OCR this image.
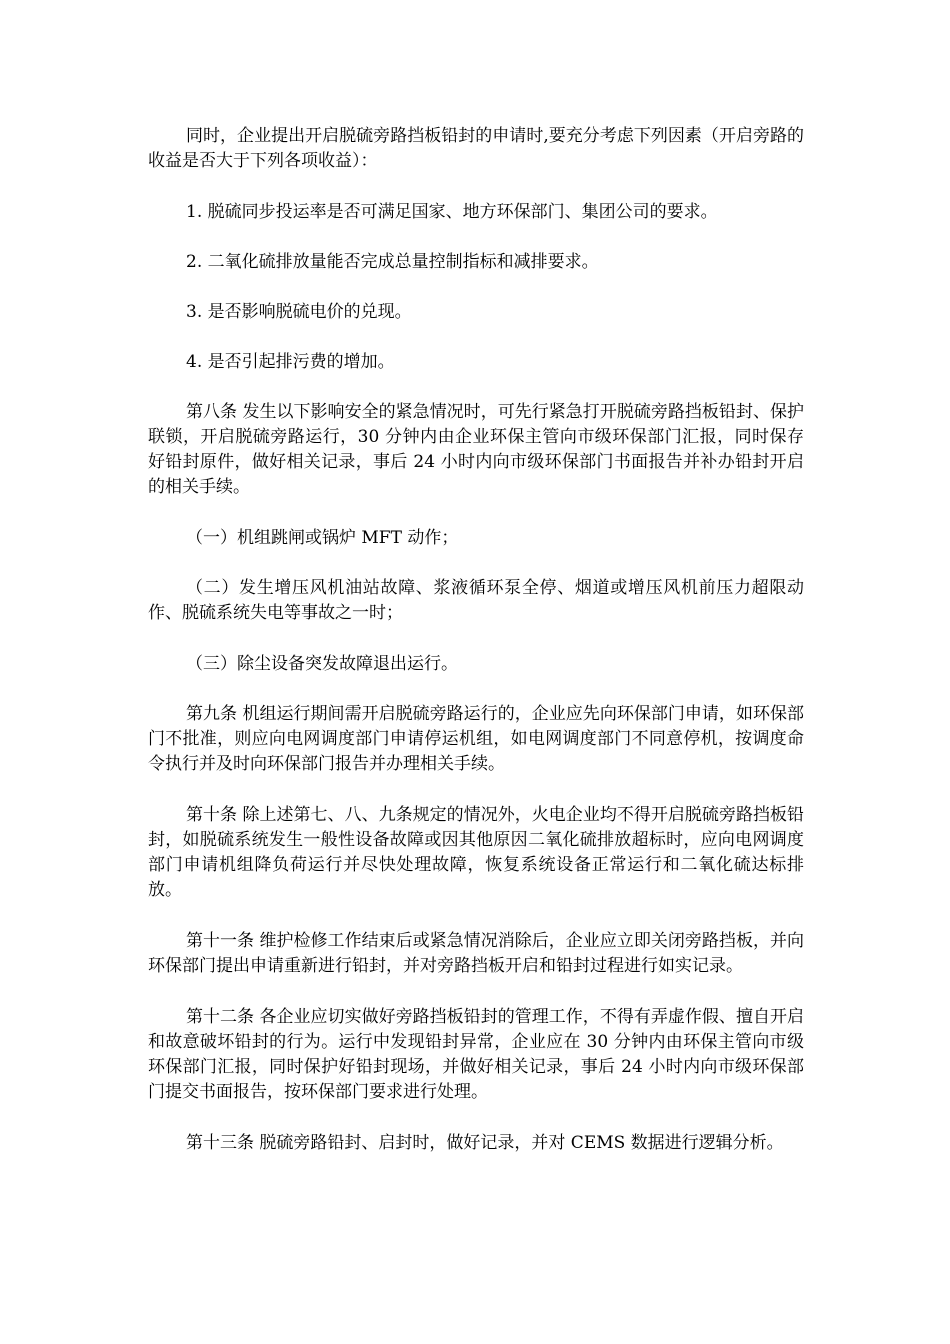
同时，企业提出开启脱硫旁路挡板铅封的申请时,要充分考虑下列因素（开启旁路的收益是否大于下列各项收益）：

1. 脱硫同步投运率是否可满足国家、地方环保部门、集团公司的要求。

2. 二氧化硫排放量能否完成总量控制指标和减排要求。

3. 是否影响脱硫电价的兑现。

4. 是否引起排污费的增加。

第八条 发生以下影响安全的紧急情况时，可先行紧急打开脱硫旁路挡板铅封、保护联锁，开启脱硫旁路运行，30 分钟内由企业环保主管向市级环保部门汇报，同时保存好铅封原件，做好相关记录，事后 24 小时内向市级环保部门书面报告并补办铅封开启的相关手续。

（一）机组跳闸或锅炉 MFT 动作；

（二）发生增压风机油站故障、浆液循环泵全停、烟道或增压风机前压力超限动作、脱硫系统失电等事故之一时；

（三）除尘设备突发故障退出运行。

第九条 机组运行期间需开启脱硫旁路运行的，企业应先向环保部门申请，如环保部门不批准，则应向电网调度部门申请停运机组，如电网调度部门不同意停机，按调度命令执行并及时向环保部门报告并办理相关手续。

第十条 除上述第七、八、九条规定的情况外，火电企业均不得开启脱硫旁路挡板铅封，如脱硫系统发生一般性设备故障或因其他原因二氧化硫排放超标时，应向电网调度部门申请机组降负荷运行并尽快处理故障，恢复系统设备正常运行和二氧化硫达标排放。

第十一条 维护检修工作结束后或紧急情况消除后，企业应立即关闭旁路挡板，并向环保部门提出申请重新进行铅封，并对旁路挡板开启和铅封过程进行如实记录。

第十二条 各企业应切实做好旁路挡板铅封的管理工作，不得有弄虚作假、擅自开启和故意破坏铅封的行为。运行中发现铅封异常，企业应在 30 分钟内由环保主管向市级环保部门汇报，同时保护好铅封现场，并做好相关记录，事后 24 小时内向市级环保部门提交书面报告，按环保部门要求进行处理。

第十三条 脱硫旁路铅封、启封时，做好记录，并对 CEMS 数据进行逻辑分析。
